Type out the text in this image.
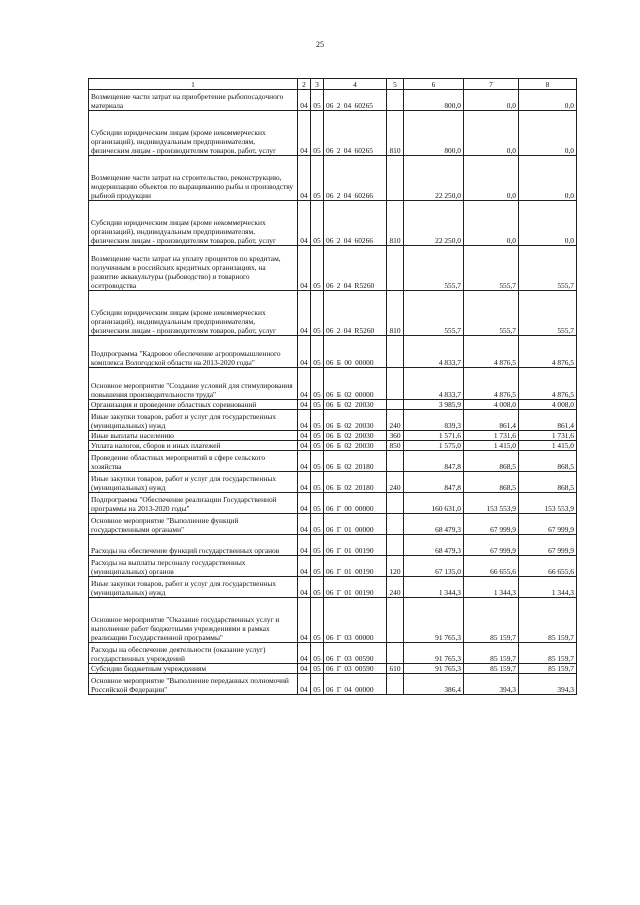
25
1	2	3	4	5	6	7	8
Возмещение части затрат на приобретение рыбопосадочного материала	04	05	06 2 04 60265		800,0	0,0	0,0
Субсидии юридическим лицам (кроме некоммерческих организаций), индивидуальным предпринимателям, физическим лицам - производителям товаров, работ, услуг	04	05	06 2 04 60265	810	800,0	0,0	0,0
Возмещение части затрат на строительство, реконструкцию, модернизацию объектов по выращиванию рыбы и производству рыбной продукции	04	05	06 2 04 60266		22 250,0	0,0	0,0
Субсидии юридическим лицам (кроме некоммерческих организаций), индивидуальным предпринимателям, физическим лицам - производителям товаров, работ, услуг	04	05	06 2 04 60266	810	22 250,0	0,0	0,0
Возмещение части затрат на уплату процентов по кредитам, полученным в российских кредитных организациях, на развитие аквакультуры (рыбоводство) и товарного осетроводства	04	05	06 2 04 R5260		555,7	555,7	555,7
Субсидии юридическим лицам (кроме некоммерческих организаций), индивидуальным предпринимателям, физическим лицам - производителям товаров, работ, услуг	04	05	06 2 04 R5260	810	555,7	555,7	555,7
Подпрограмма "Кадровое обеспечение агропромышленного комплекса Вологодской области на 2013-2020 годы"	04	05	06 Б 00 00000		4 833,7	4 876,5	4 876,5
Основное мероприятие "Создание условий для стимулирования повышения производительности труда"	04	05	06 Б 02 00000		4 833,7	4 876,5	4 876,5
Организация и проведение областных соревнований	04	05	06 Б 02 20030		3 985,9	4 008,0	4 008,0
Иные закупки товаров, работ и услуг для государственных (муниципальных) нужд	04	05	06 Б 02 20030	240	839,3	861,4	861,4
Иные выплаты населению	04	05	06 Б 02 20030	360	1 571,6	1 731,6	1 731,6
Уплата налогов, сборов и иных платежей	04	05	06 Б 02 20030	850	1 575,0	1 415,0	1 415,0
Проведение областных мероприятий в сфере сельского хозяйства	04	05	06 Б 02 20180		847,8	868,5	868,5
Иные закупки товаров, работ и услуг для государственных (муниципальных) нужд	04	05	06 Б 02 20180	240	847,8	868,5	868,5
Подпрограмма "Обеспечение реализации Государственной программы на 2013-2020 годы"	04	05	06 Г 00 00000		160 631,0	153 553,9	153 553,9
Основное мероприятие "Выполнение функций государственными органами"	04	05	06 Г 01 00000		68 479,3	67 999,9	67 999,9
Расходы на обеспечение функций государственных органов	04	05	06 Г 01 00190		68 479,3	67 999,9	67 999,9
Расходы на выплаты персоналу государственных (муниципальных) органов	04	05	06 Г 01 00190	120	67 135,0	66 655,6	66 655,6
Иные закупки товаров, работ и услуг для государственных (муниципальных) нужд	04	05	06 Г 01 00190	240	1 344,3	1 344,3	1 344,3
Основное мероприятие "Оказание государственных услуг и выполнение работ бюджетными учреждениями в рамках реализации Государственной программы"	04	05	06 Г 03 00000		91 765,3	85 159,7	85 159,7
Расходы на обеспечение деятельности (оказание услуг) государственных учреждений	04	05	06 Г 03 00590		91 765,3	85 159,7	85 159,7
Субсидии бюджетным учреждениям	04	05	06 Г 03 00590	610	91 765,3	85 159,7	85 159,7
Основное мероприятие "Выполнение переданных полномочий Российской Федерации"	04	05	06 Г 04 00000		386,4	394,3	394,3
